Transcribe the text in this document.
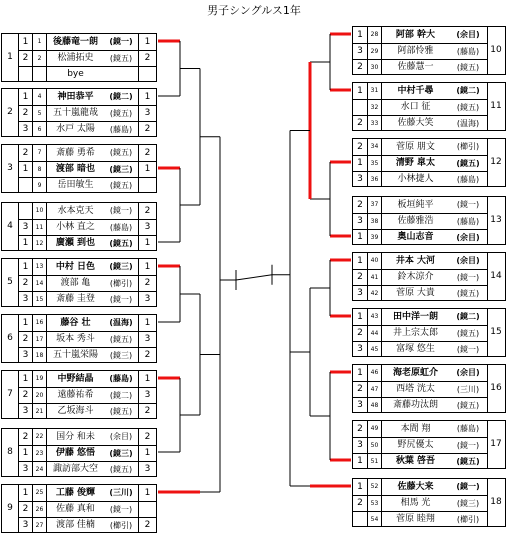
男子シングルス1年
1
1	1	後藤竜一朗	(鏡一)	1
2	2	松浦拓史	(鏡五)	2
bye
2
1	4	神田恭平	(鏡二)	1
2	5	五十嵐龍哉	(鏡五)	3
3	6	水戸 太陽	(藤島)	2
3
2	7	斎藤 勇希	(鏡五)	2
1	8	渡部 暗也	(鏡三)	1
9	岳田敏生	(鏡五)
4
10	水本克天	(鏡一)	2
3	11	小林 直之	(藤島)	3
1	12	廣瀬 到也	(鏡五)	1
5
1	13	中村 日色	(鏡三)	1
2	14	渡部 亀	(櫛引)	2
3	15	斎藤 圭登	(鏡一)	3
6
1	16	藤谷 壮	(温海)	1
2	17	坂本 秀斗	(鏡五)	3
3	18	五十嵐栄陽	(鏡三)	2
7
1	19	中野結晶	(藤島)	1
2	20	遠藤祐希	(鏡二)	3
3	21	乙坂海斗	(鏡五)	2
8
2	22	国分 和未	(余目)	2
1	23	伊藤 悠悟	(鏡三)	1
3	24	諏訪部大空	(鏡五)	3
9
1	25	工藤 俊輝	(三川)	1
2	26	佐藤 真和	(鏡一)
3	27	渡部 佳楠	(櫛引)	2
10
1	28	阿部 幹大	(余目)
3	29	阿部怜雅	(藤島)
2	30	佐藤慧一	(鏡五)
11
1	31	中村千尋	(鏡二)
32	水口 征	(鏡五)
2	33	佐藤大笑	(温海)
12
2	34	菅原 朋文	(櫛引)
1	35	清野 皐太	(鏡五)
3	36	小林捷人	(藤島)
13
2	37	板垣純平	(鏡一)
3	38	佐藤雅浩	(藤島)
1	39	奥山志音	(余目)
14
1	40	井本 大河	(余目)
2	41	鈴木涼介	(鏡一)
3	42	菅原 大貴	(鏡五)
15
1	43	田中洋一朗	(鏡二)
2	44	井上宗太郎	(鏡五)
3	45	富塚 悠生	(鏡一)
16
1	46	海老原虹介	(余目)
2	47	西塔 洸太	(三川)
3	48	斎藤功汰朗	(鏡五)
17
2	49	本間 翔	(藤島)
3	50	野尻優太	(鏡一)
1	51	秋葉 啓吾	(鏡五)
18
1	52	佐藤大来	(鏡一)
2	53	相馬 光	(鏡三)
54	菅原 睦翔	(櫛引)
